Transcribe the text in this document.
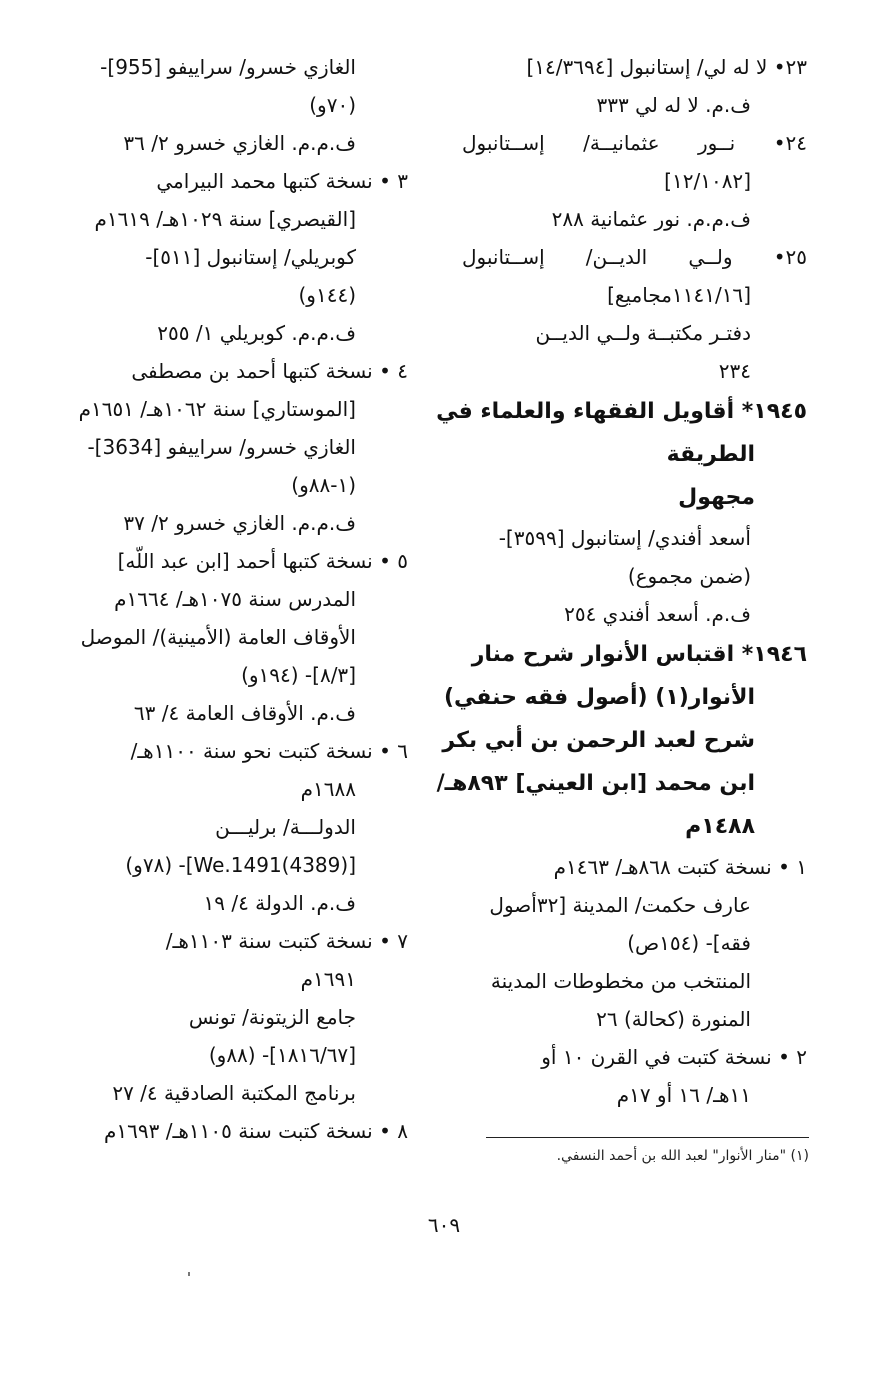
٢٣• لا له لي/ إستانبول [١٤/٣٦٩٤]
ف.م. لا له لي ٣٣٣
٢٤• نــور عثمانيــة/ إســتانبول
[١٢/١٠٨٢]
ف.م.م. نور عثمانية ٢٨٨
٢٥• ولــي الديــن/ إســتانبول
[١١٤١/١٦مجاميع]
دفتـر مكتبــة ولــي الديــن
٢٣٤
١٩٤٥* أقاويل الفقهاء والعلماء في
الطريقة
مجهول
أسعد أفندي/ إستانبول [٣٥٩٩]-
(ضمن مجموع)
ف.م. أسعد أفندي ٢٥٤
١٩٤٦* اقتباس الأنوار شرح منار
الأنوار(١) (أصول فقه حنفي)
شرح لعبد الرحمن بن أبي بكر
ابن محمد [ابن العيني] ٨٩٣هـ/
١٤٨٨م
١ • نسخة كتبت ٨٦٨هـ/ ١٤٦٣م
عارف حكمت/ المدينة [٣٢أصول
فقه]- (١٥٤ص)
المنتخب من مخطوطات المدينة
المنورة (كحالة) ٢٦
٢ • نسخة كتبت في القرن ١٠ أو
١١هـ/ ١٦ أو ١٧م
الغازي خسرو/ سراييفو [955]-
(٧٠و)
ف.م.م. الغازي خسرو ٢/ ٣٦
٣ • نسخة كتبها محمد البيرامي
[القيصري] سنة ١٠٢٩هـ/ ١٦١٩م
كوبريلي/ إستانبول [٥١١]-
(١٤٤و)
ف.م.م. كوبريلي ١/ ٢٥٥
٤ • نسخة كتبها أحمد بن مصطفى
[الموستاري] سنة ١٠٦٢هـ/ ١٦٥١م
الغازي خسرو/ سراييفو [3634]-
(١-٨٨و)
ف.م.م. الغازي خسرو ٢/ ٣٧
٥ • نسخة كتبها أحمد [ابن عبد اللّه]
المدرس سنة ١٠٧٥هـ/ ١٦٦٤م
الأوقاف العامة (الأمينية)/ الموصل
[٨/٣]- (١٩٤و)
ف.م. الأوقاف العامة ٤/ ٦٣
٦ • نسخة كتبت نحو سنة ١١٠٠هـ/
١٦٨٨م
الدولـــة/ برليـــن
[We.1491(4389)]- (٧٨و)
ف.م. الدولة ٤/ ١٩
٧ • نسخة كتبت سنة ١١٠٣هـ/
١٦٩١م
جامع الزيتونة/ تونس
[١٨١٦/٦٧]- (٨٨و)
برنامج المكتبة الصادقية ٤/ ٢٧
٨ • نسخة كتبت سنة ١١٠٥هـ/ ١٦٩٣م
(١) "منار الأنوار" لعبد الله بن أحمد النسفي.
٦٠٩
